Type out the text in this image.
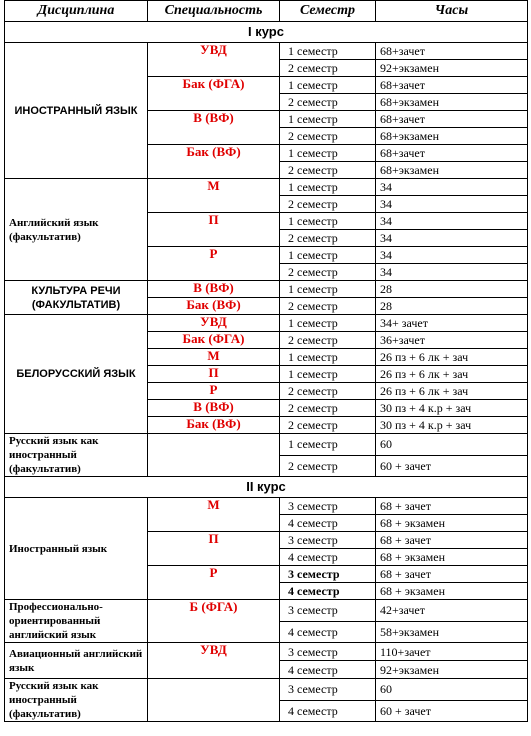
Дисциплина	Специальность	Семестр	Часы
I курс			
ИНОСТРАННЫЙ ЯЗЫК	УВД	1 семестр	68+зачет
		2 семестр	92+экзамен
	Бак (ФГА)	1 семестр	68+зачет
		2 семестр	68+экзамен
	В (ВФ)	1 семестр	68+зачет
		2 семестр	68+экзамен
	Бак (ВФ)	1 семестр	68+зачет
		2 семестр	68+экзамен
Английский язык (факультатив)	М	1 семестр	34
		2 семестр	34
	П	1 семестр	34
		2 семестр	34
	Р	1 семестр	34
		2 семестр	34
КУЛЬТУРА РЕЧИ (ФАКУЛЬТАТИВ)	В (ВФ)	1 семестр	28
	Бак (ВФ)	2 семестр	28
БЕЛОРУССКИЙ ЯЗЫК	УВД	1 семестр	34+ зачет
	Бак (ФГА)	2 семестр	36+зачет
	М	1 семестр	26 пз + 6 лк + зач
	П	1 семестр	26 пз + 6 лк + зач
	Р	2 семестр	26 пз + 6 лк + зач
	В (ВФ)	2 семестр	30 пз + 4 к.р + зач
	Бак (ВФ)	2 семестр	30 пз + 4 к.р + зач
Русский язык как иностранный (факультатив)		1 семестр	60
		2 семестр	60 + зачет
II курс			
Иностранный язык	М	3 семестр	68 + зачет
		4 семестр	68 + экзамен
	П	3 семестр	68 + зачет
		4 семестр	68 + экзамен
	Р	3 семестр	68 + зачет
		4 семестр	68 + экзамен
Профессионально-ориентированный английский язык	Б (ФГА)	3 семестр	42+зачет
		4 семестр	58+экзамен
Авиационный английский язык	УВД	3 семестр	110+зачет
		4 семестр	92+экзамен
Русский язык как иностранный (факультатив)		3 семестр	60
		4 семестр	60 + зачет
